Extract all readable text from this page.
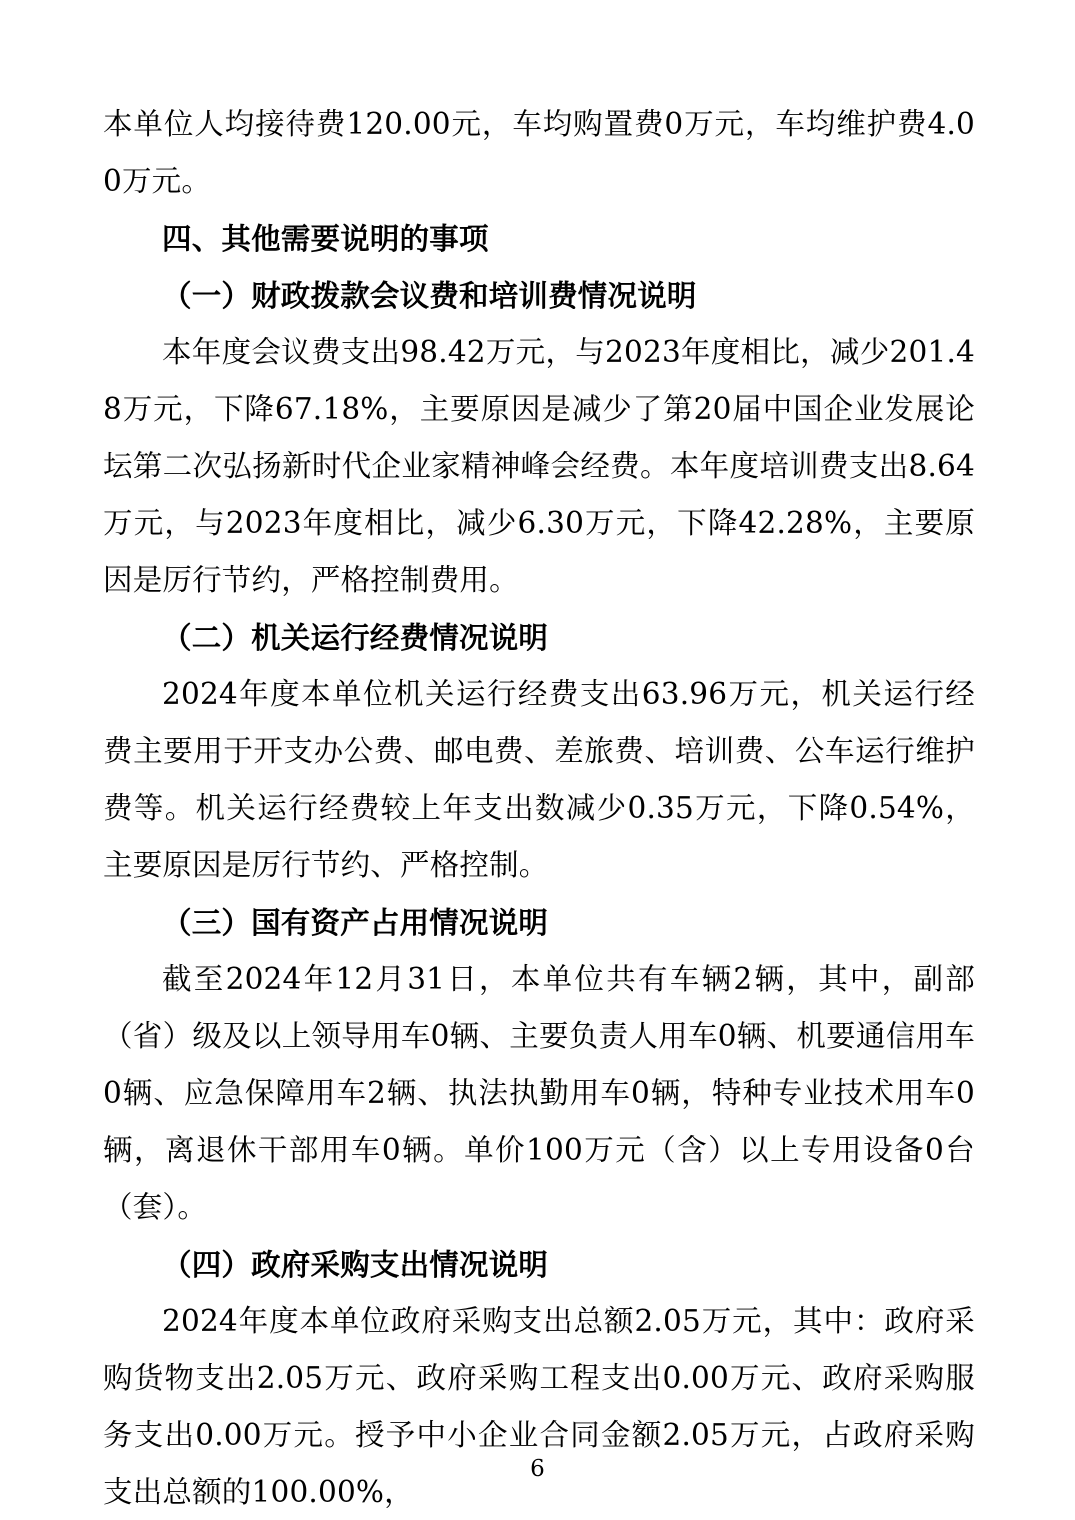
本单位人均接待费120.00元，车均购置费0万元，车均维护费4.00万元。

四、其他需要说明的事项
（一）财政拨款会议费和培训费情况说明

本年度会议费支出98.42万元，与2023年度相比，减少201.48万元，下降67.18%，主要原因是减少了第20届中国企业发展论坛第二次弘扬新时代企业家精神峰会经费。本年度培训费支出8.64万元，与2023年度相比，减少6.30万元，下降42.28%，主要原因是厉行节约，严格控制费用。

（二）机关运行经费情况说明

2024年度本单位机关运行经费支出63.96万元，机关运行经费主要用于开支办公费、邮电费、差旅费、培训费、公车运行维护费等。机关运行经费较上年支出数减少0.35万元，下降0.54%，主要原因是厉行节约、严格控制。

（三）国有资产占用情况说明

截至2024年12月31日，本单位共有车辆2辆，其中，副部（省）级及以上领导用车0辆、主要负责人用车0辆、机要通信用车0辆、应急保障用车2辆、执法执勤用车0辆，特种专业技术用车0辆，离退休干部用车0辆。单价100万元（含）以上专用设备0台（套）。

（四）政府采购支出情况说明

2024年度本单位政府采购支出总额2.05万元，其中：政府采购货物支出2.05万元、政府采购工程支出0.00万元、政府采购服务支出0.00万元。授予中小企业合同金额2.05万元，占政府采购支出总额的100.00%，

6
